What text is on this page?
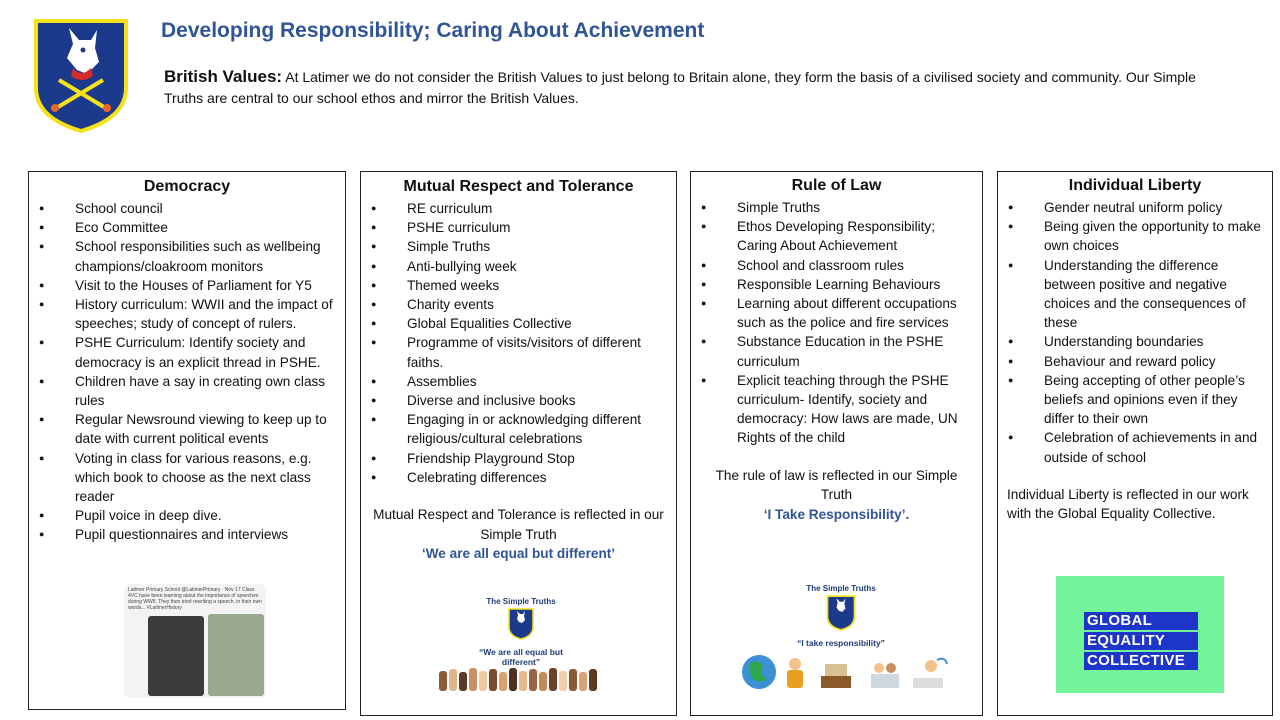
Developing Responsibility; Caring About Achievement
British Values: At Latimer we do not consider the British Values to just belong to Britain alone, they form the basis of a civilised society and community. Our Simple Truths are central to our school ethos and mirror the British Values.
Democracy
● School council
● Eco Committee
● School responsibilities such as wellbeing champions/cloakroom monitors
● Visit to the Houses of Parliament for Y5
● History curriculum: WWII and the impact of speeches; study of concept of rulers.
● PSHE Curriculum: Identify society and democracy is an explicit thread in PSHE.
● Children have a say in creating own class rules
● Regular Newsround viewing to keep up to date with current political events
● Voting in class for various reasons, e.g. which book to choose as the next class reader
● Pupil voice in deep dive.
● Pupil questionnaires and interviews
Latimer Primary School @LatimerPrimary · Nov 17 Class 4VC have been learning about the importance of speeches during WWII. They then tried rewriting a speech, in their own words... #LatimerHistory
Mutual Respect and Tolerance
● RE curriculum
● PSHE curriculum
● Simple Truths
● Anti-bullying week
● Themed weeks
● Charity events
● Global Equalities Collective
● Programme of visits/visitors of different faiths.
● Assemblies
● Diverse and inclusive books
● Engaging in or acknowledging different religious/cultural celebrations
● Friendship Playground Stop
● Celebrating differences
Mutual Respect and Tolerance is reflected in our Simple Truth
‘We are all equal but different’
The Simple Truths
“We are all equal but different”
Rule of Law
● Simple Truths
● Ethos Developing Responsibility; Caring About Achievement
● School and classroom rules
● Responsible Learning Behaviours
● Learning about different occupations such as the police and fire services
● Substance Education in the PSHE curriculum
● Explicit teaching through the PSHE curriculum- Identify, society and democracy: How laws are made, UN Rights of the child
The rule of law is reflected in our Simple Truth
‘I Take Responsibility’.
The Simple Truths
“I take responsibility”
Individual Liberty
● Gender neutral uniform policy
● Being given the opportunity to make own choices
● Understanding the difference between positive and negative choices and the consequences of these
● Understanding boundaries
● Behaviour and reward policy
● Being accepting of other people’s beliefs and opinions even if they differ to their own
● Celebration of achievements in and outside of school
Individual Liberty is reflected in our work with the Global Equality Collective.
GLOBAL
EQUALITY
COLLECTIVE
